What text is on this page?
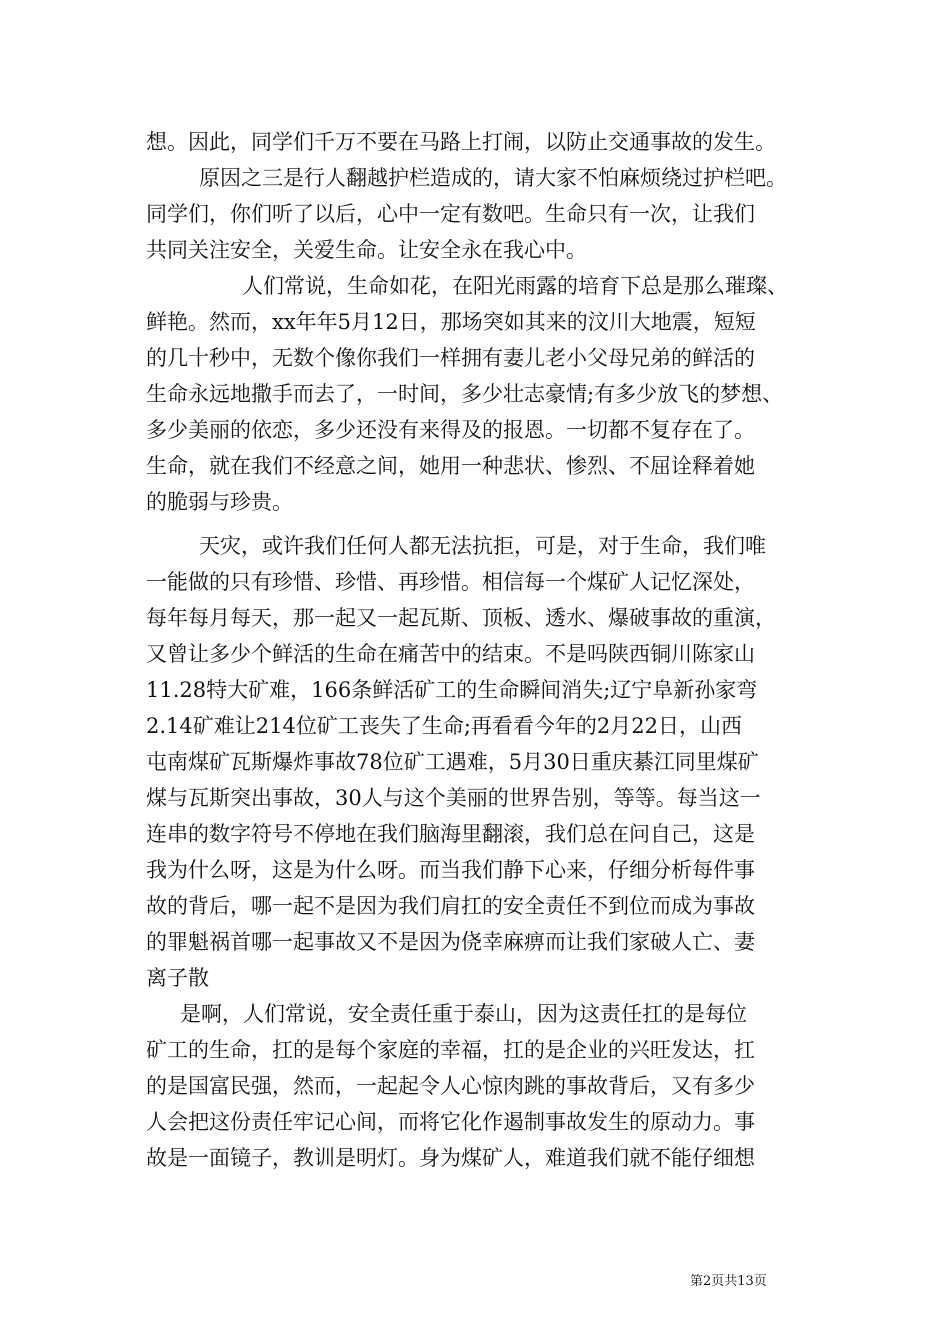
想。因此，同学们千万不要在马路上打闹，以防止交通事故的发生。
原因之三是行人翻越护栏造成的，请大家不怕麻烦绕过护栏吧。
同学们，你们听了以后，心中一定有数吧。生命只有一次，让我们
共同关注安全，关爱生命。让安全永在我心中。
人们常说，生命如花，在阳光雨露的培育下总是那么璀璨、
鲜艳。然而，xx年年5月12日，那场突如其来的汶川大地震，短短
的几十秒中，无数个像你我们一样拥有妻儿老小父母兄弟的鲜活的
生命永远地撒手而去了，一时间，多少壮志豪情;有多少放飞的梦想、
多少美丽的依恋，多少还没有来得及的报恩。一切都不复存在了。
生命，就在我们不经意之间，她用一种悲状、惨烈、不屈诠释着她
的脆弱与珍贵。
天灾，或许我们任何人都无法抗拒，可是，对于生命，我们唯
一能做的只有珍惜、珍惜、再珍惜。相信每一个煤矿人记忆深处，
每年每月每天，那一起又一起瓦斯、顶板、透水、爆破事故的重演，
又曾让多少个鲜活的生命在痛苦中的结束。不是吗陕西铜川陈家山
11.28特大矿难，166条鲜活矿工的生命瞬间消失;辽宁阜新孙家弯
2.14矿难让214位矿工丧失了生命;再看看今年的2月22日，山西
屯南煤矿瓦斯爆炸事故78位矿工遇难，5月30日重庆綦江同里煤矿
煤与瓦斯突出事故，30人与这个美丽的世界告别，等等。每当这一
连串的数字符号不停地在我们脑海里翻滚，我们总在问自己，这是
我为什么呀，这是为什么呀。而当我们静下心来，仔细分析每件事
故的背后，哪一起不是因为我们肩扛的安全责任不到位而成为事故
的罪魁祸首哪一起事故又不是因为侥幸麻痹而让我们家破人亡、妻
离子散
是啊，人们常说，安全责任重于泰山，因为这责任扛的是每位
矿工的生命，扛的是每个家庭的幸福，扛的是企业的兴旺发达，扛
的是国富民强，然而，一起起令人心惊肉跳的事故背后，又有多少
人会把这份责任牢记心间，而将它化作遏制事故发生的原动力。事
故是一面镜子，教训是明灯。身为煤矿人，难道我们就不能仔细想
第2页共13页
